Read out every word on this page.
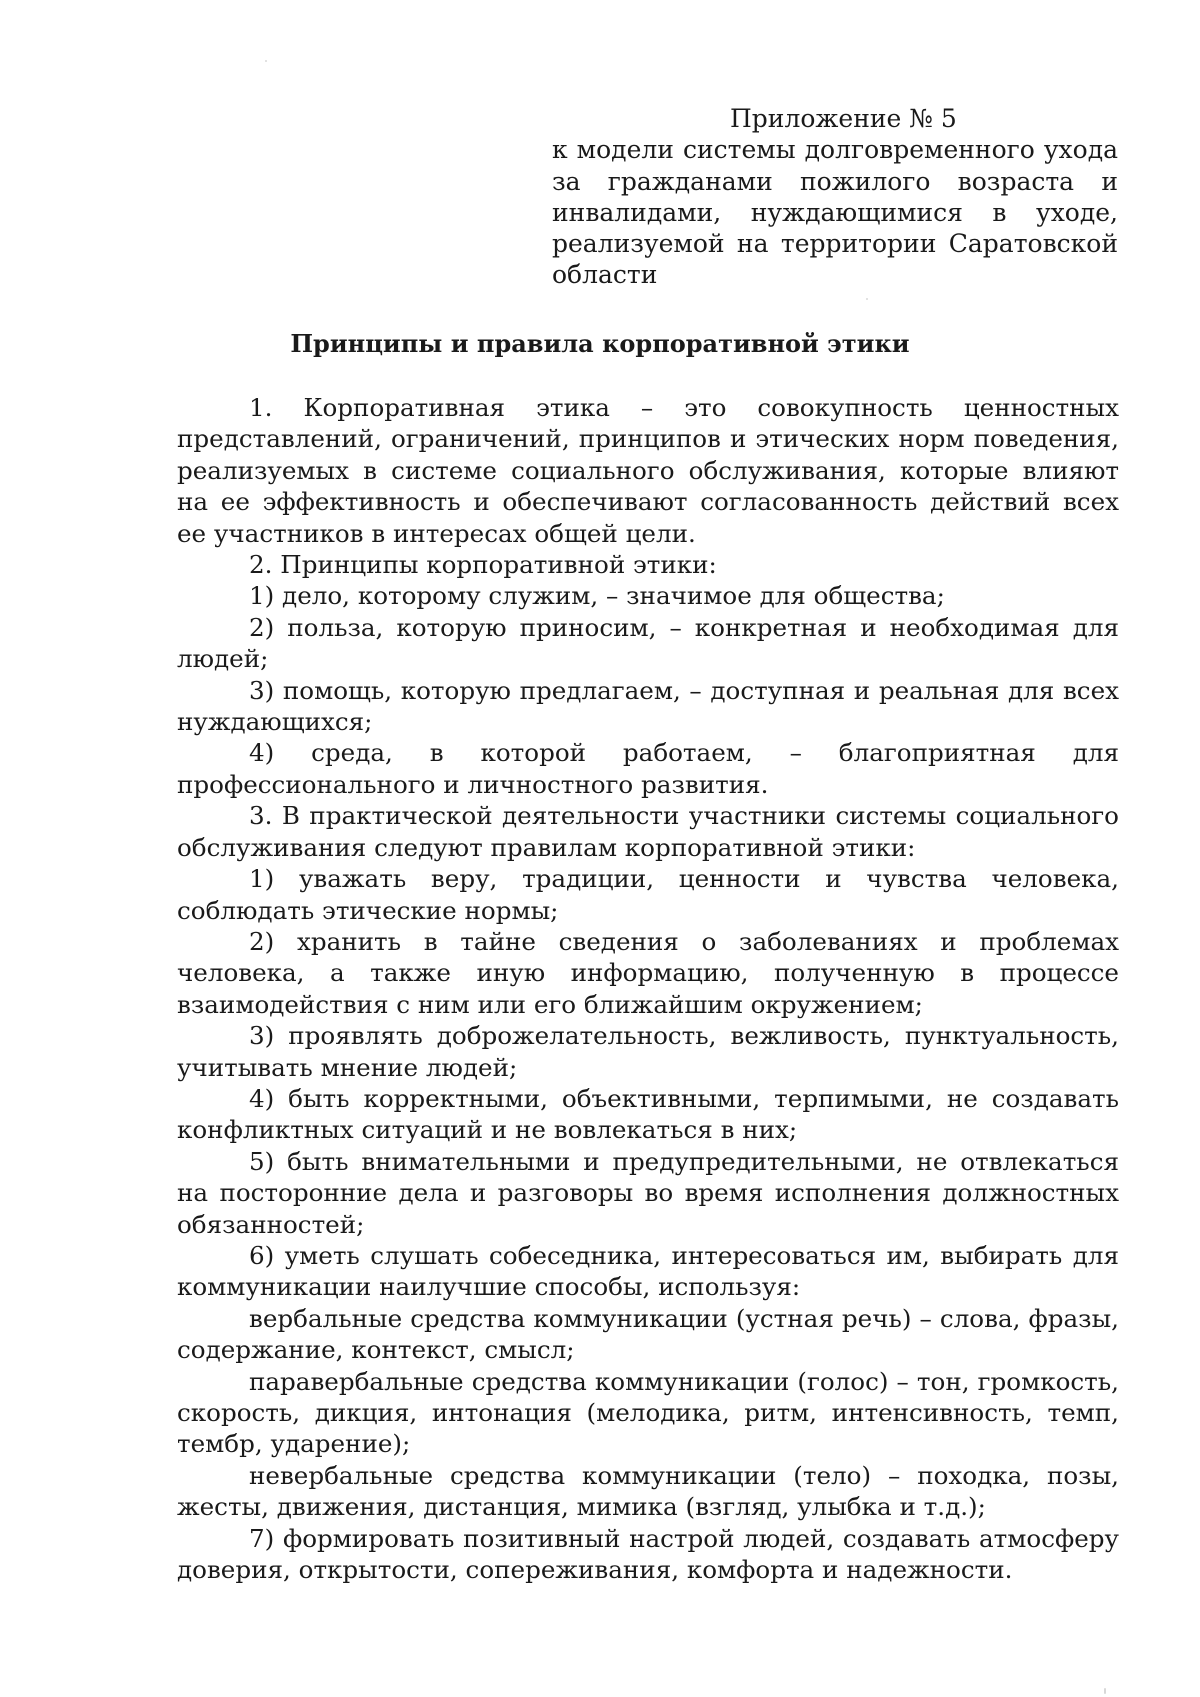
Приложение № 5
к модели системы долговременного ухода за гражданами пожилого возраста и инвалидами, нуждающимися в уходе, реализуемой на территории Саратовской области
Принципы и правила корпоративной этики

1. Корпоративная этика – это совокупность ценностных представлений, ограничений, принципов и этических норм поведения, реализуемых в системе социального обслуживания, которые влияют на ее эффективность и обеспечивают согласованность действий всех ее участников в интересах общей цели.

2. Принципы корпоративной этики:

1) дело, которому служим, – значимое для общества;

2) польза, которую приносим, – конкретная и необходимая для людей;

3) помощь, которую предлагаем, – доступная и реальная для всех нуждающихся;

4) среда, в которой работаем, – благоприятная для профессионального и личностного развития.

3. В практической деятельности участники системы социального обслуживания следуют правилам корпоративной этики:

1) уважать веру, традиции, ценности и чувства человека, соблюдать этические нормы;

2) хранить в тайне сведения о заболеваниях и проблемах человека, а также иную информацию, полученную в процессе взаимодействия с ним или его ближайшим окружением;

3) проявлять доброжелательность, вежливость, пунктуальность, учитывать мнение людей;

4) быть корректными, объективными, терпимыми, не создавать конфликтных ситуаций и не вовлекаться в них;

5) быть внимательными и предупредительными, не отвлекаться на посторонние дела и разговоры во время исполнения должностных обязанностей;

6) уметь слушать собеседника, интересоваться им, выбирать для коммуникации наилучшие способы, используя:

вербальные средства коммуникации (устная речь) – слова, фразы, содержание, контекст, смысл;

паравербальные средства коммуникации (голос) – тон, громкость, скорость, дикция, интонация (мелодика, ритм, интенсивность, темп, тембр, ударение);

невербальные средства коммуникации (тело) – походка, позы, жесты, движения, дистанция, мимика (взгляд, улыбка и т.д.);

7) формировать позитивный настрой людей, создавать атмосферу доверия, открытости, сопереживания, комфорта и надежности.
